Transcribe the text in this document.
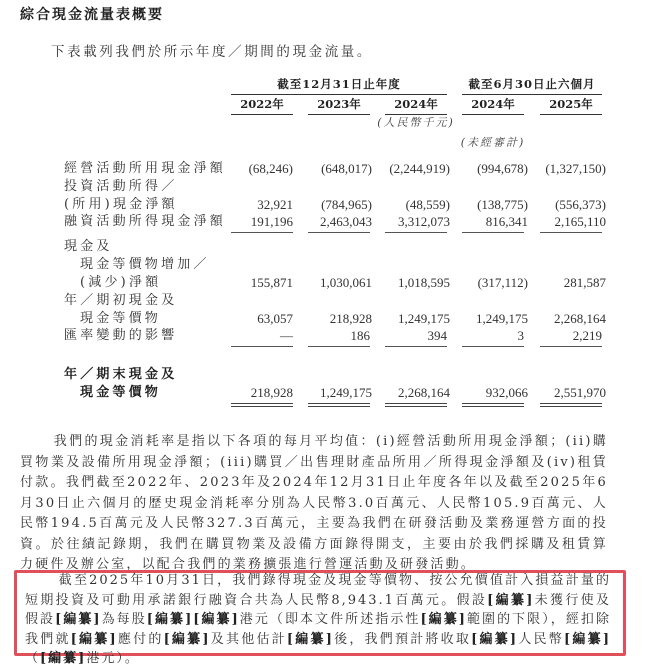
綜合現金流量表概要
下表載列我們於所示年度／期間的現金流量。
截至12月31日止年度	截至6月30日止六個月
2022年	2023年	2024年	2024年	2025年
(人民幣千元)
(未經審計)
經營活動所用現金淨額	(68,246)	(648,017)	(2,244,919)	(994,678)	(1,327,150)
投資活動所得／
(所用)現金淨額	32,921	(784,965)	(48,559)	(138,775)	(556,373)
融資活動所得現金淨額	191,196	2,463,043	3,312,073	816,341	2,165,110
現金及
現金等價物增加／
(減少)淨額	155,871	1,030,061	1,018,595	(317,112)	281,587
年／期初現金及
現金等價物	63,057	218,928	1,249,175	1,249,175	2,268,164
匯率變動的影響	—	186	394	3	2,219
年／期末現金及
現金等價物	218,928	1,249,175	2,268,164	932,066	2,551,970
我們的現金消耗率是指以下各項的每月平均值：(i)經營活動所用現金淨額；(ii)購買物業及設備所用現金淨額；(iii)購買／出售理財產品所用／所得現金淨額及(iv)租賃付款。我們截至2022年、2023年及2024年12月31日止年度各年以及截至2025年6月30日止六個月的歷史現金消耗率分別為人民幣3.0百萬元、人民幣105.9百萬元、人民幣194.5百萬元及人民幣327.3百萬元，主要為我們在研發活動及業務運營方面的投資。於往績記錄期，我們在購買物業及設備方面錄得開支，主要由於我們採購及租賃算力硬件及辦公室，以配合我們的業務擴張進行營運活動及研發活動。
截至2025年10月31日，我們錄得現金及現金等價物、按公允價值計入損益計量的短期投資及可動用承諾銀行融資合共為人民幣8,943.1百萬元。假設[編纂]未獲行使及假設[編纂]為每股[編纂][編纂]港元（即本文件所述指示性[編纂]範圍的下限），經扣除我們就[編纂]應付的[編纂]及其他估計[編纂]後，我們預計將收取[編纂]人民幣[編纂]（[編纂]港元）。
